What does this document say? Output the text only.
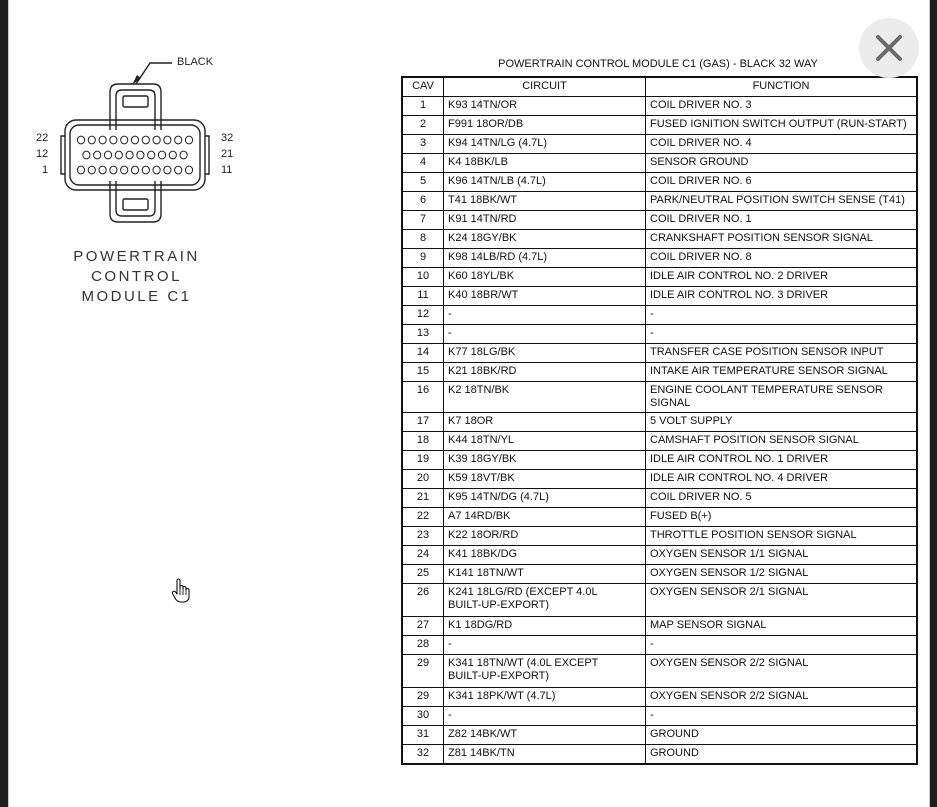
BLACK
22
12
1
32
21
11
POWERTRAIN
CONTROL
MODULE C1
POWERTRAIN CONTROL MODULE C1 (GAS) - BLACK 32 WAY
CAV	CIRCUIT	FUNCTION
1	K93 14TN/OR	COIL DRIVER NO. 3
2	F991 18OR/DB	FUSED IGNITION SWITCH OUTPUT (RUN-START)
3	K94 14TN/LG (4.7L)	COIL DRIVER NO. 4
4	K4 18BK/LB	SENSOR GROUND
5	K96 14TN/LB (4.7L)	COIL DRIVER NO. 6
6	T41 18BK/WT	PARK/NEUTRAL POSITION SWITCH SENSE (T41)
7	K91 14TN/RD	COIL DRIVER NO. 1
8	K24 18GY/BK	CRANKSHAFT POSITION SENSOR SIGNAL
9	K98 14LB/RD (4.7L)	COIL DRIVER NO. 8
10	K60 18YL/BK	IDLE AIR CONTROL NO. 2 DRIVER
11	K40 18BR/WT	IDLE AIR CONTROL NO. 3 DRIVER
12	-	-
13	-	-
14	K77 18LG/BK	TRANSFER CASE POSITION SENSOR INPUT
15	K21 18BK/RD	INTAKE AIR TEMPERATURE SENSOR SIGNAL
16	K2 18TN/BK	ENGINE COOLANT TEMPERATURE SENSOR SIGNAL
17	K7 18OR	5 VOLT SUPPLY
18	K44 18TN/YL	CAMSHAFT POSITION SENSOR SIGNAL
19	K39 18GY/BK	IDLE AIR CONTROL NO. 1 DRIVER
20	K59 18VT/BK	IDLE AIR CONTROL NO. 4 DRIVER
21	K95 14TN/DG (4.7L)	COIL DRIVER NO. 5
22	A7 14RD/BK	FUSED B(+)
23	K22 18OR/RD	THROTTLE POSITION SENSOR SIGNAL
24	K41 18BK/DG	OXYGEN SENSOR 1/1 SIGNAL
25	K141 18TN/WT	OXYGEN SENSOR 1/2 SIGNAL
26	K241 18LG/RD (EXCEPT 4.0L
BUILT-UP-EXPORT)	OXYGEN SENSOR 2/1 SIGNAL
27	K1 18DG/RD	MAP SENSOR SIGNAL
28	-	-
29	K341 18TN/WT (4.0L EXCEPT
BUILT-UP-EXPORT)	OXYGEN SENSOR 2/2 SIGNAL
29	K341 18PK/WT (4.7L)	OXYGEN SENSOR 2/2 SIGNAL
30	-	-
31	Z82 14BK/WT	GROUND
32	Z81 14BK/TN	GROUND
